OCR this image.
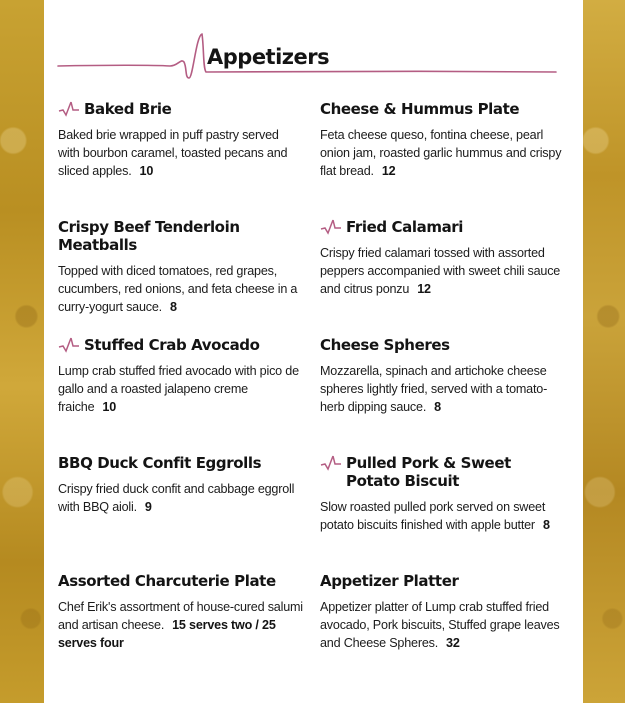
Appetizers
Baked Brie
Baked brie wrapped in puff pastry served with bourbon caramel, toasted pecans and sliced apples. 10
Cheese & Hummus Plate
Feta cheese queso, fontina cheese, pearl onion jam, roasted garlic hummus and crispy flat bread. 12
Crispy Beef Tenderloin Meatballs
Topped with diced tomatoes, red grapes, cucumbers, red onions, and feta cheese in a curry-yogurt sauce. 8
Fried Calamari
Crispy fried calamari tossed with assorted peppers accompanied with sweet chili sauce and citrus ponzu 12
Stuffed Crab Avocado
Lump crab stuffed fried avocado with pico de gallo and a roasted jalapeno creme fraiche 10
Cheese Spheres
Mozzarella, spinach and artichoke cheese spheres lightly fried, served with a tomato- herb dipping sauce. 8
BBQ Duck Confit Eggrolls
Crispy fried duck confit and cabbage eggroll with BBQ aioli. 9
Pulled Pork & Sweet Potato Biscuit
Slow roasted pulled pork served on sweet potato biscuits finished with apple butter 8
Assorted Charcuterie Plate
Chef Erik's assortment of house-cured salumi and artisan cheese. 15 serves two / 25 serves four
Appetizer Platter
Appetizer platter of Lump crab stuffed fried avocado, Pork biscuits, Stuffed grape leaves and Cheese Spheres. 32
